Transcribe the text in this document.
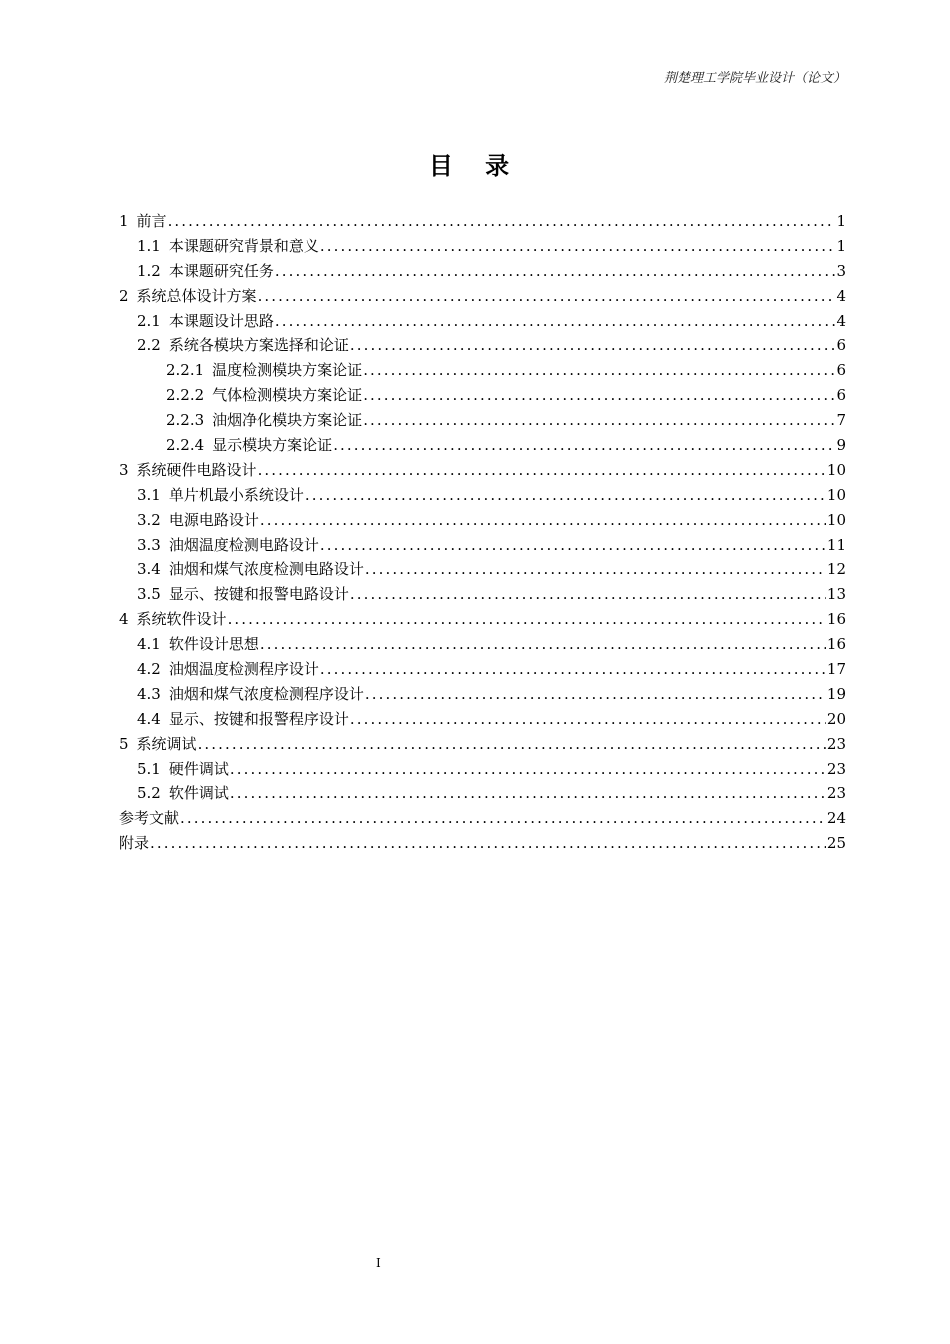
荆楚理工学院毕业设计（论文）
目 录
1 前言 .....	1
1.1 本课题研究背景和意义 .....	1
1.2 本课题研究任务 .....	3
2 系统总体设计方案 .....	4
2.1 本课题设计思路 .....	4
2.2 系统各模块方案选择和论证 .....	6
2.2.1 温度检测模块方案论证 .....	6
2.2.2 气体检测模块方案论证 .....	6
2.2.3 油烟净化模块方案论证 .....	7
2.2.4 显示模块方案论证 .....	9
3 系统硬件电路设计 .....	10
3.1 单片机最小系统设计 .....	10
3.2 电源电路设计 .....	10
3.3 油烟温度检测电路设计 .....	11
3.4 油烟和煤气浓度检测电路设计 .....	12
3.5 显示、按键和报警电路设计 .....	13
4 系统软件设计 .....	16
4.1 软件设计思想 .....	16
4.2 油烟温度检测程序设计 .....	17
4.3 油烟和煤气浓度检测程序设计 .....	19
4.4 显示、按键和报警程序设计 .....	20
5 系统调试 .....	23
5.1 硬件调试 .....	23
5.2 软件调试 .....	23
参考文献 .....	24
附录 .....	25
I
